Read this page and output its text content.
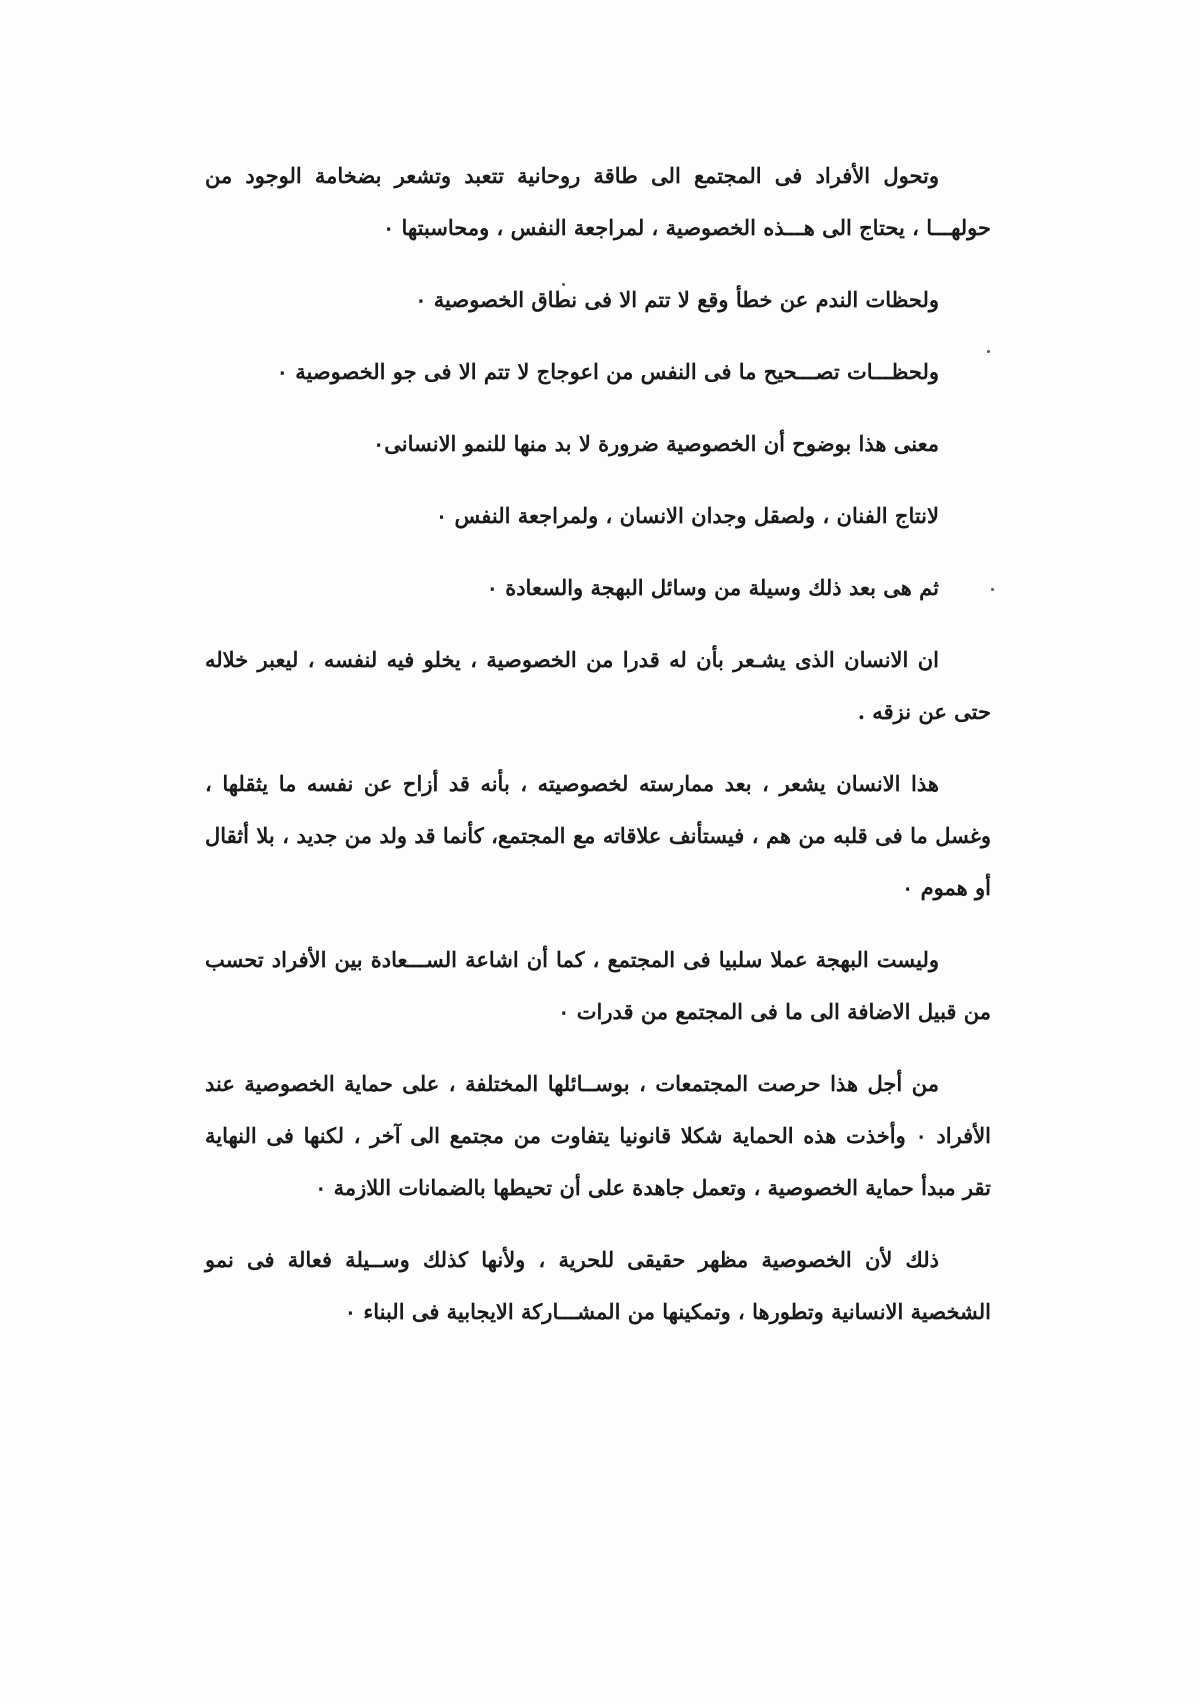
وتحول الأفراد فى المجتمع الى طاقة روحانية تتعبد وتشعر بضخامة الوجود من حولهـــا ، يحتاج الى هـــذه الخصوصية ، لمراجعة النفس ، ومحاسبتها ٠

ولحظات الندم عن خطأ وقع لا تتم الا فى نطاق الخصوصية ٠

ولحظـــات تصـــحيح ما فى النفس من اعوجاج لا تتم الا فى جو الخصوصية ٠

معنى هذا بوضوح أن الخصوصية ضرورة لا بد منها للنمو الانسانى٠

لانتاج الفنان ، ولصقل وجدان الانسان ، ولمراجعة النفس ٠

ثم هى بعد ذلك وسيلة من وسائل البهجة والسعادة ٠

ان الانسان الذى يشـعر بأن له قدرا من الخصوصية ، يخلو فيه لنفسه ، ليعبر خلاله حتى عن نزقه .

هذا الانسان يشعر ، بعد ممارسته لخصوصيته ، بأنه قد أزاح عن نفسه ما يثقلها ، وغسل ما فى قلبه من هم ، فيستأنف علاقاته مع المجتمع، كأنما قد ولد من جديد ، بلا أثقال أو هموم ٠

وليست البهجة عملا سلبيا فى المجتمع ، كما أن اشاعة الســـعادة بين الأفراد تحسب من قبيل الاضافة الى ما فى المجتمع من قدرات ٠

من أجل هذا حرصت المجتمعات ، بوســائلها المختلفة ، على حماية الخصوصية عند الأفراد ٠ وأخذت هذه الحماية شكلا قانونيا يتفاوت من مجتمع الى آخر ، لكنها فى النهاية تقر مبدأ حماية الخصوصية ، وتعمل جاهدة على أن تحيطها بالضمانات اللازمة ٠

ذلك لأن الخصوصية مظهر حقيقى للحرية ، ولأنها كذلك وســيلة فعالة فى نمو الشخصية الانسانية وتطورها ، وتمكينها من المشـــاركة الايجابية فى البناء ٠
